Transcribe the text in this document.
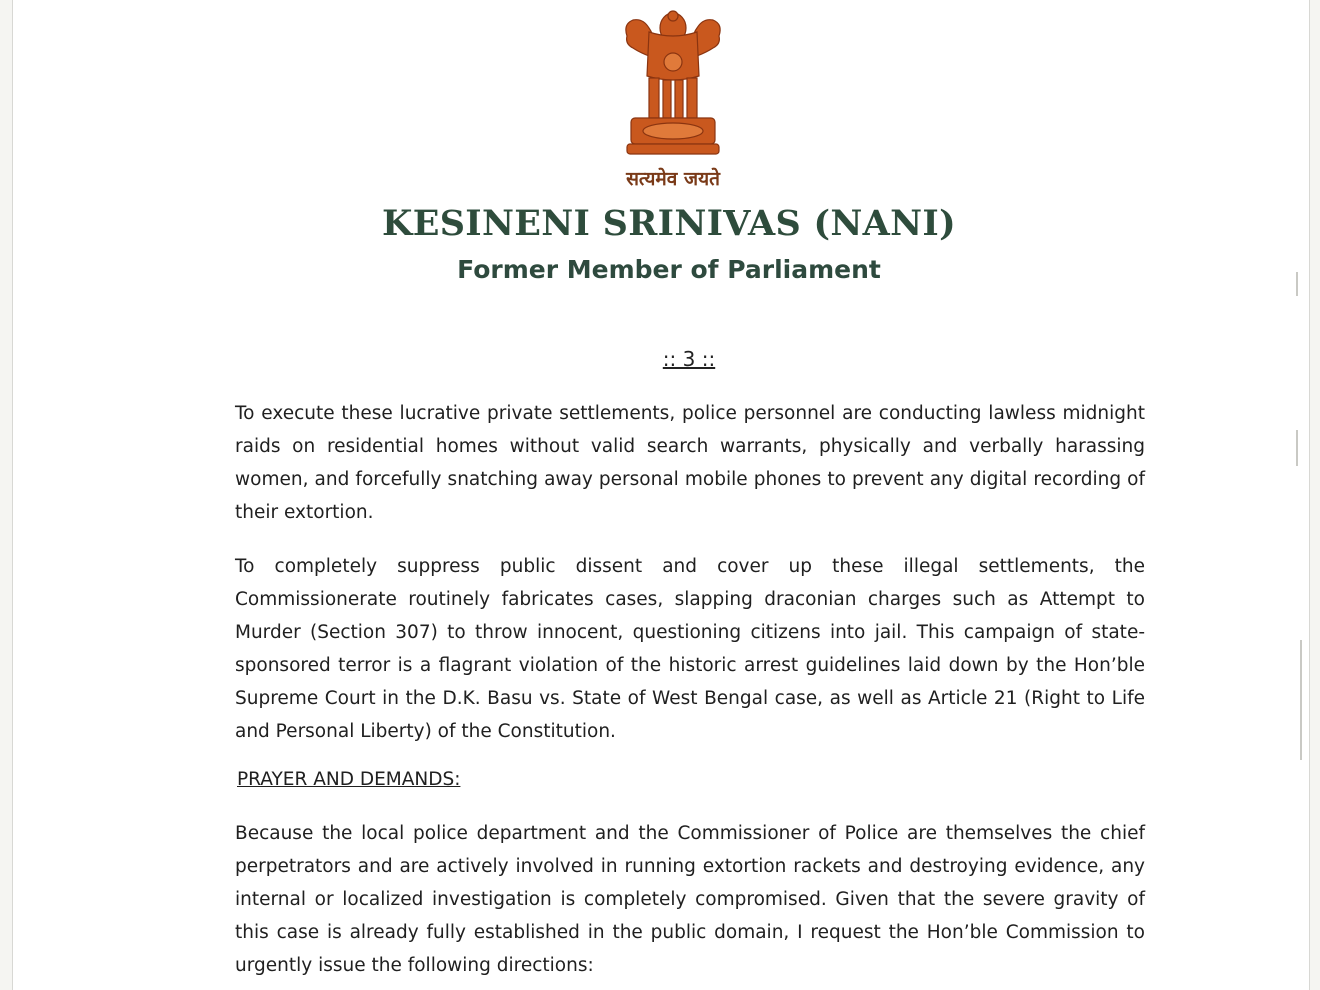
सत्यमेव जयते
KESINENI SRINIVAS (NANI)
Former Member of Parliament
:: 3 ::

To execute these lucrative private settlements, police personnel are conducting lawless midnight raids on residential homes without valid search warrants, physically and verbally harassing women, and forcefully snatching away personal mobile phones to prevent any digital recording of their extortion.

To completely suppress public dissent and cover up these illegal settlements, the Commissionerate routinely fabricates cases, slapping draconian charges such as Attempt to Murder (Section 307) to throw innocent, questioning citizens into jail. This campaign of state-sponsored terror is a flagrant violation of the historic arrest guidelines laid down by the Hon’ble Supreme Court in the D.K. Basu vs. State of West Bengal case, as well as Article 21 (Right to Life and Personal Liberty) of the Constitution.

PRAYER AND DEMANDS:

Because the local police department and the Commissioner of Police are themselves the chief perpetrators and are actively involved in running extortion rackets and destroying evidence, any internal or localized investigation is completely compromised. Given that the severe gravity of this case is already fully established in the public domain, I request the Hon’ble Commission to urgently issue the following directions:
